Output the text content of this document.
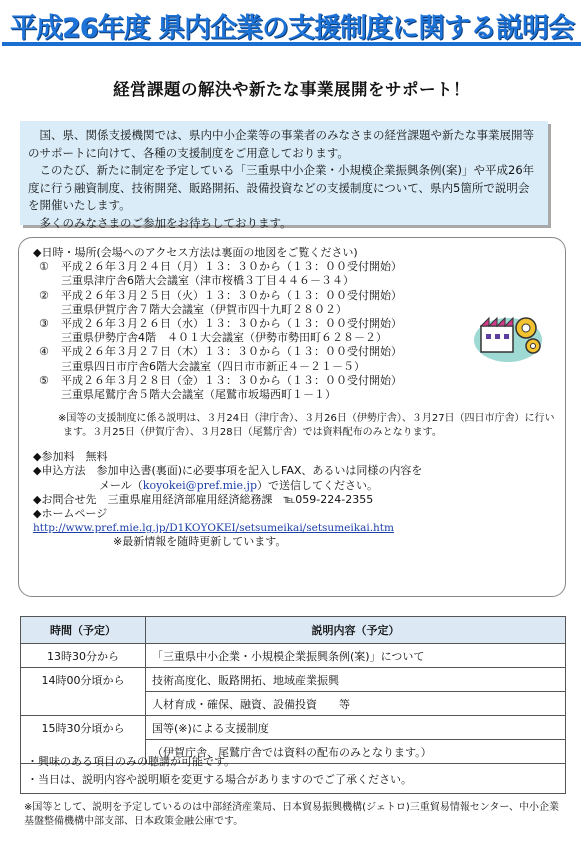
平成26年度 県内企業の支援制度に関する説明会
経営課題の解決や新たな事業展開をサポート！

国、県、関係支援機関では、県内中小企業等の事業者のみなさまの経営課題や新たな事業展開等のサポートに向けて、各種の支援制度をご用意しております。

このたび、新たに制定を予定している「三重県中小企業・小規模企業振興条例(案)」や平成26年度に行う融資制度、技術開発、販路開拓、設備投資などの支援制度について、県内5箇所で説明会を開催いたします。

多くのみなさまのご参加をお待ちしております。

◆日時・場所(会場へのアクセス方法は裏面の地図をご覧ください)
①	平成２６年３月２４日（月）１３：３０から（１３：００受付開始）
三重県津庁舎6階大会議室（津市桜橋３丁目４４６－３４）
②	平成２６年３月２５日（火）１３：３０から（１３：００受付開始）
三重県伊賀庁舎７階大会議室（伊賀市四十九町２８０２）
③	平成２６年３月２６日（水）１３：３０から（１３：００受付開始）
三重県伊勢庁舎4階　４０１大会議室（伊勢市勢田町６２８－２）
④	平成２６年３月２７日（木）１３：３０から（１３：００受付開始）
三重県四日市庁舎6階大会議室（四日市市新正４－２１－５）
⑤	平成２６年３月２８日（金）１３：３０から（１３：００受付開始）
三重県尾鷲庁舎５階大会議室（尾鷲市坂場西町１－１）
※国等の支援制度に係る説明は、３月24日（津庁舎）、３月26日（伊勢庁舎）、３月27日（四日市庁舎）に行います。３月25日（伊賀庁舎）、３月28日（尾鷲庁舎）では資料配布のみとなります。
◆参加料　無料
◆申込方法　参加申込書(裏面)に必要事項を記入しFAX、あるいは同様の内容を
メール（koyokei@pref.mie.jp）で送信してください。
◆お問合せ先　三重県雇用経済部雇用経済総務課　℡059-224-2355
◆ホームページ
http://www.pref.mie.lg.jp/D1KOYOKEI/setsumeikai/setsumeikai.htm
※最新情報を随時更新しています。
時間（予定）	説明内容（予定）
13時30分から	「三重県中小企業・小規模企業振興条例(案)」について
14時00分頃から	技術高度化、販路開拓、地域産業振興
	人材育成・確保、融資、設備投資　　等
15時30分頃から	国等(※)による支援制度
	（伊賀庁舎、尾鷲庁舎では資料の配布のみとなります。）
・興味のある項目のみの聴講が可能です。
・当日は、説明内容や説明順を変更する場合がありますのでご了承ください。
※国等として、説明を予定しているのは中部経済産業局、日本貿易振興機構(ジェトロ)三重貿易情報センター、中小企業基盤整備機構中部支部、日本政策金融公庫です。
